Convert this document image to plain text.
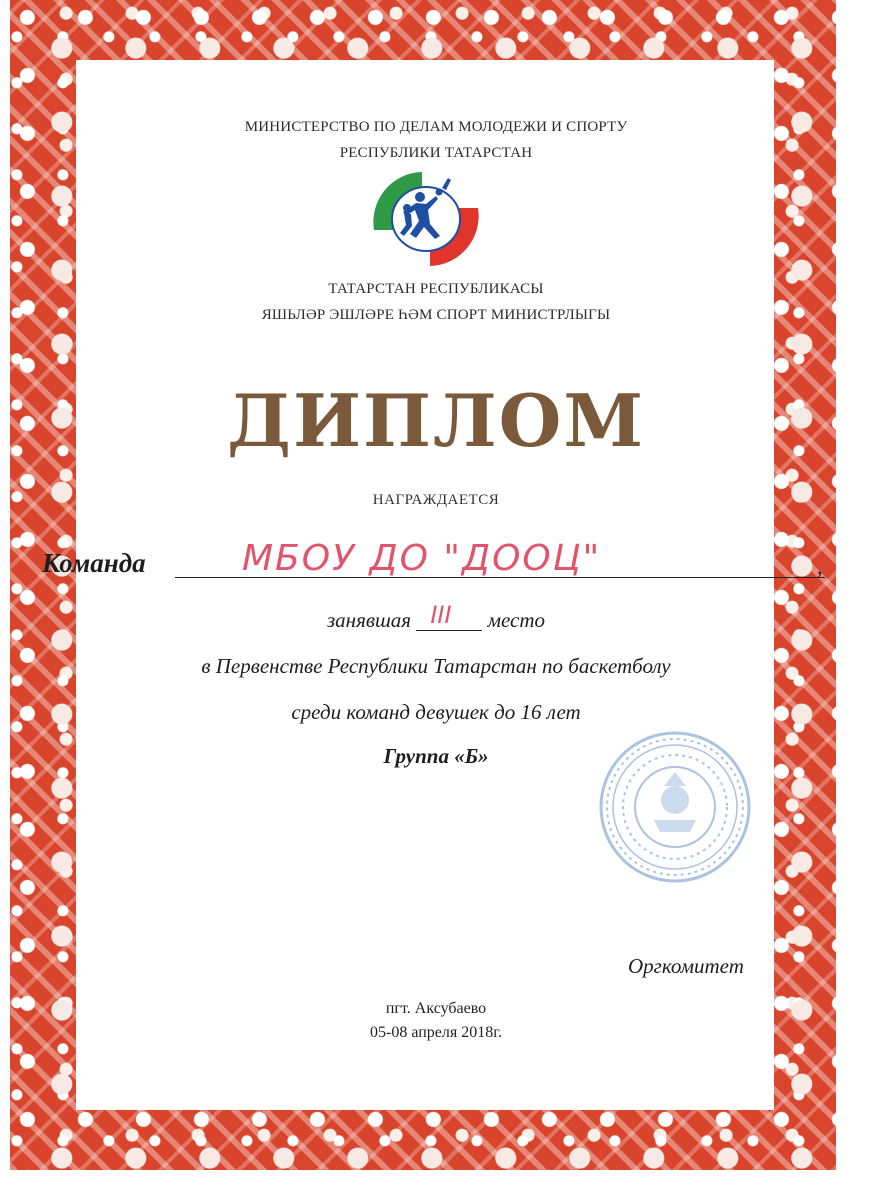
МИНИСТЕРСТВО ПО ДЕЛАМ МОЛОДЕЖИ И СПОРТУ
РЕСПУБЛИКИ ТАТАРСТАН
ТАТАРСТАН РЕСПУБЛИКАСЫ
ЯШЬЛӘР ЭШЛӘРЕ ҺӘМ СПОРТ МИНИСТРЛЫГЫ
ДИПЛОМ
НАГРАЖДАЕТСЯ
Команда	МБОУ ДО "ДООЦ"	,
занявшая III место
в Первенстве Республики Татарстан по баскетболу
среди команд девушек до 16 лет
Группа «Б»
Оргкомитет
пгт. Аксубаево
05-08 апреля 2018г.
